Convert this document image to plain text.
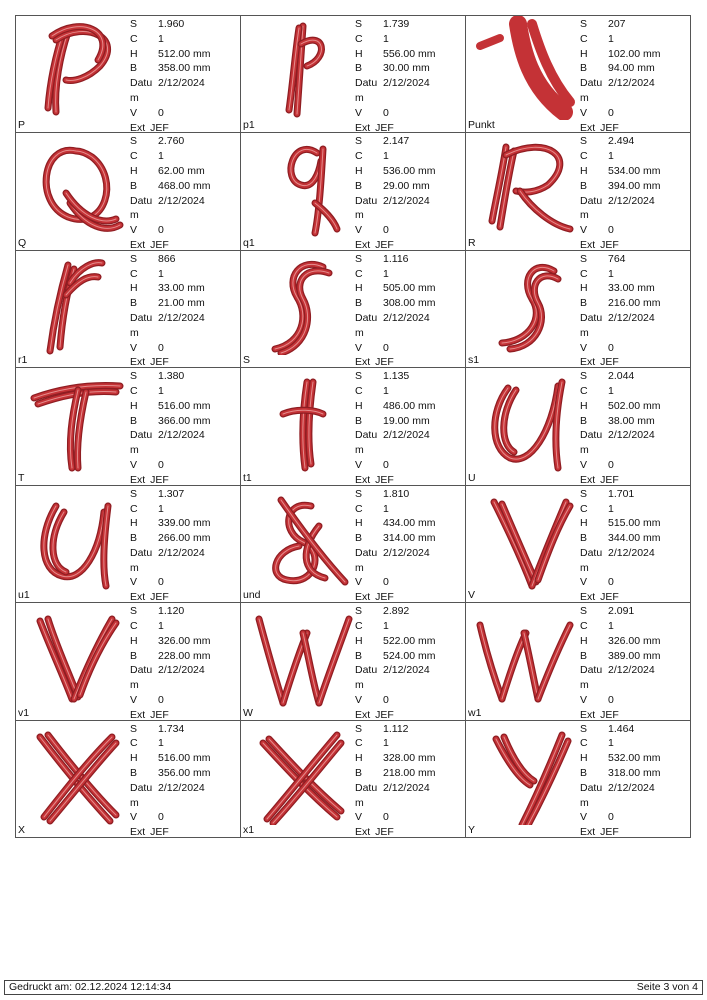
S	1.960
C	1
H	512.00 mm
B	358.00 mm
Datu
m
2/12/2024
V	0
Ext JEF
P
S	1.739
C	1
H	556.00 mm
B	30.00 mm
Datu
m
2/12/2024
V	0
Ext JEF
p1
S	207
C	1
H	102.00 mm
B	94.00 mm
Datu
m
2/12/2024
V	0
Ext JEF
Punkt
S	2.760
C	1
H	62.00 mm
B	468.00 mm
Datu
m
2/12/2024
V	0
Ext JEF
Q
S	2.147
C	1
H	536.00 mm
B	29.00 mm
Datu
m
2/12/2024
V	0
Ext JEF
q1
S	2.494
C	1
H	534.00 mm
B	394.00 mm
Datu
m
2/12/2024
V	0
Ext JEF
R
S	866
C	1
H	33.00 mm
B	21.00 mm
Datu
m
2/12/2024
V	0
Ext JEF
r1
S	1.116
C	1
H	505.00 mm
B	308.00 mm
Datu
m
2/12/2024
V	0
Ext JEF
S
S	764
C	1
H	33.00 mm
B	216.00 mm
Datu
m
2/12/2024
V	0
Ext JEF
s1
S	1.380
C	1
H	516.00 mm
B	366.00 mm
Datu
m
2/12/2024
V	0
Ext JEF
T
S	1.135
C	1
H	486.00 mm
B	19.00 mm
Datu
m
2/12/2024
V	0
Ext JEF
t1
S	2.044
C	1
H	502.00 mm
B	38.00 mm
Datu
m
2/12/2024
V	0
Ext JEF
U
S	1.307
C	1
H	339.00 mm
B	266.00 mm
Datu
m
2/12/2024
V	0
Ext JEF
u1
S	1.810
C	1
H	434.00 mm
B	314.00 mm
Datu
m
2/12/2024
V	0
Ext JEF
und
S	1.701
C	1
H	515.00 mm
B	344.00 mm
Datu
m
2/12/2024
V	0
Ext JEF
V
S	1.120
C	1
H	326.00 mm
B	228.00 mm
Datu
m
2/12/2024
V	0
Ext JEF
v1
S	2.892
C	1
H	522.00 mm
B	524.00 mm
Datu
m
2/12/2024
V	0
Ext JEF
W
S	2.091
C	1
H	326.00 mm
B	389.00 mm
Datu
m
2/12/2024
V	0
Ext JEF
w1
S	1.734
C	1
H	516.00 mm
B	356.00 mm
Datu
m
2/12/2024
V	0
Ext JEF
X
S	1.112
C	1
H	328.00 mm
B	218.00 mm
Datu
m
2/12/2024
V	0
Ext JEF
x1
S	1.464
C	1
H	532.00 mm
B	318.00 mm
Datu
m
2/12/2024
V	0
Ext JEF
Y
Gedruckt am: 02.12.2024 12:14:34	Seite 3 von 4
